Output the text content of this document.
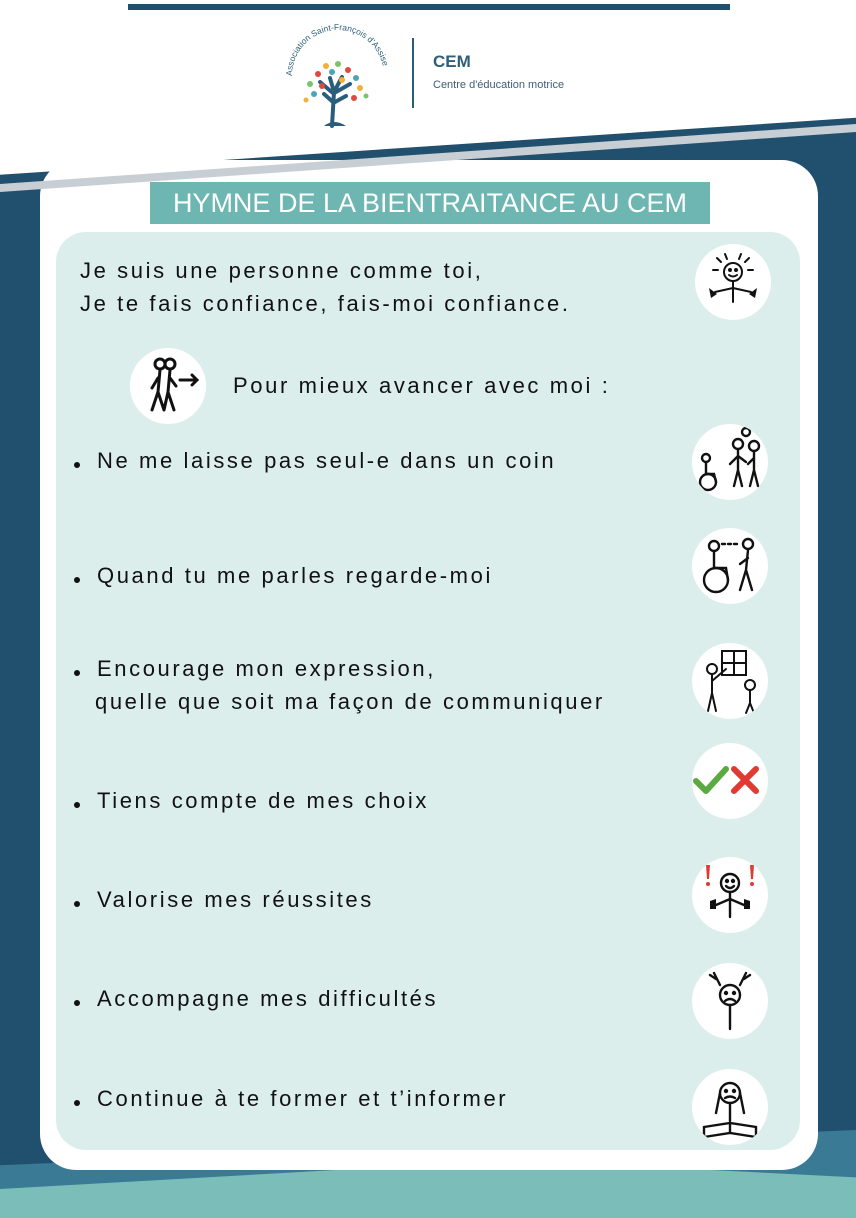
Association Saint-François d'Assise CEM
Centre d'éducation motrice
HYMNE DE LA BIENTRAITANCE AU CEM
Je suis une personne comme toi,
Je te fais confiance, fais-moi confiance.
Pour mieux avancer avec moi :
Ne me laisse pas seul-e dans un coin
Quand tu me parles regarde-moi
Encourage mon expression,
quelle que soit ma façon de communiquer
Tiens compte de mes choix
Valorise mes réussites
Accompagne mes difficultés
Continue à te former et t’informer
